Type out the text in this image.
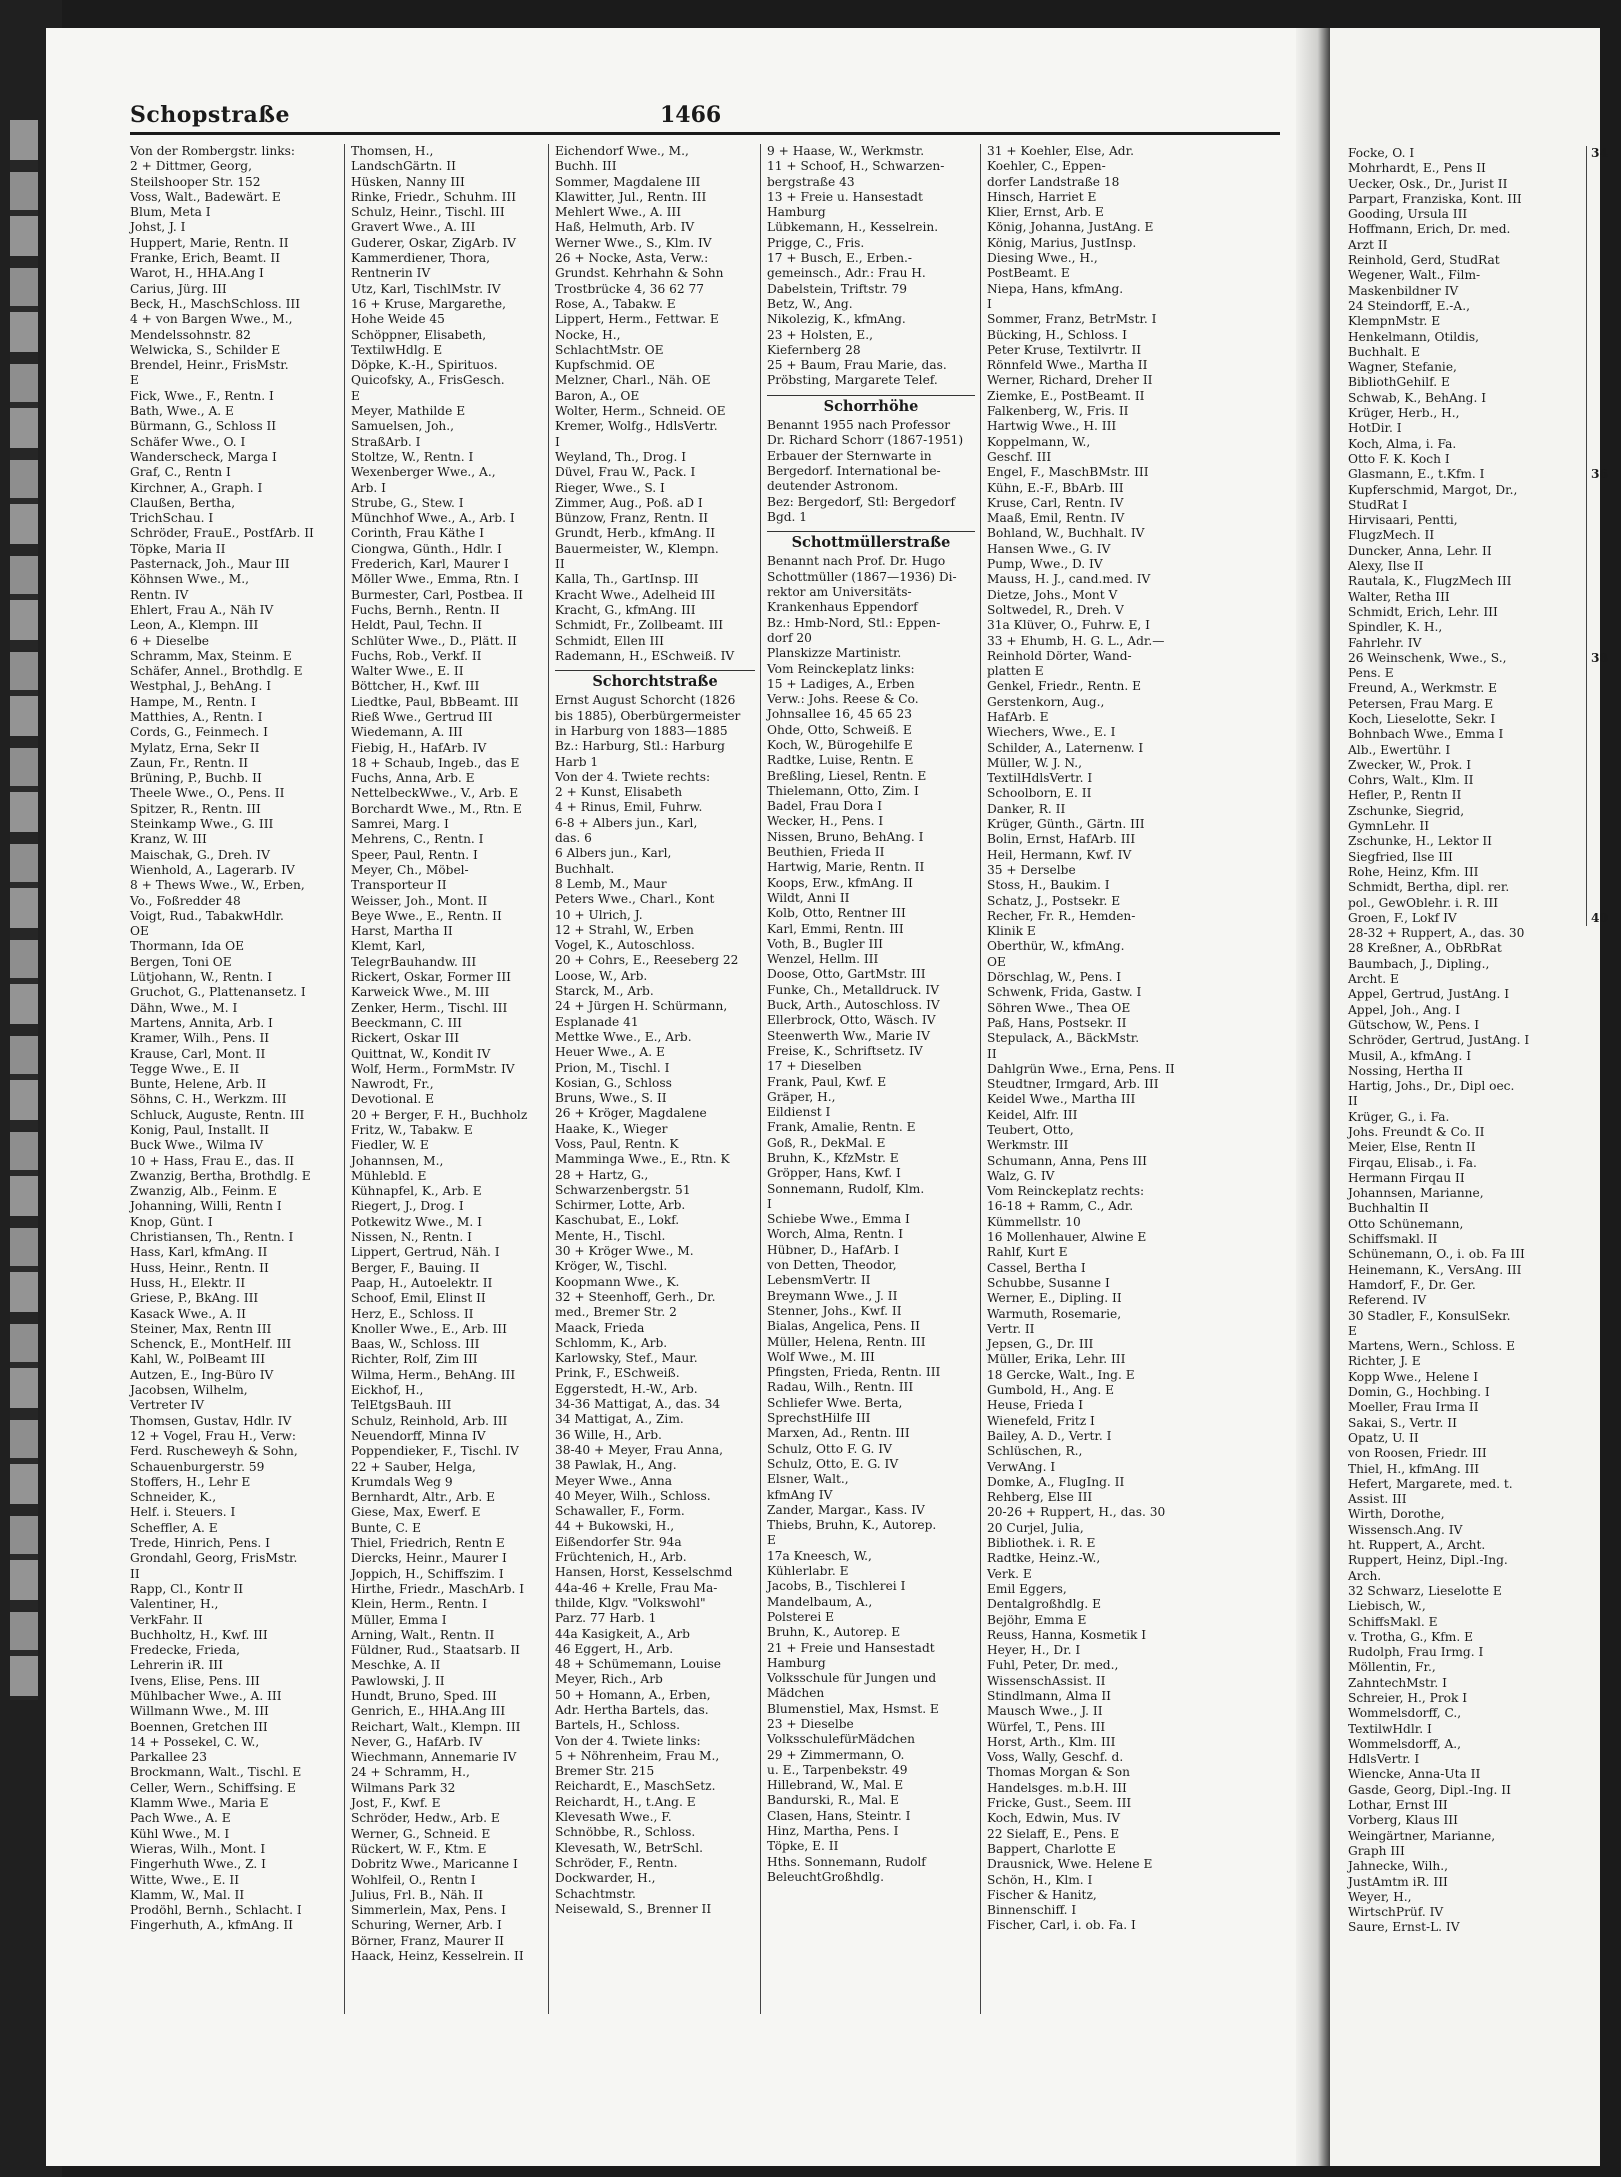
Schopstraße	1466
Von der Rombergstr. links:
2 + Dittmer, Georg,
Steilshooper Str. 152
Voss, Walt., Badewärt. E
Blum, Meta I
Johst, J. I
Huppert, Marie, Rentn. II
Franke, Erich, Beamt. II
Warot, H., HHA.Ang I
Carius, Jürg. III
Beck, H., MaschSchloss. III
4 + von Bargen Wwe., M.,
Mendelssohnstr. 82
Welwicka, S., Schilder E
Brendel, Heinr., FrisMstr.
E
Fick, Wwe., F., Rentn. I
Bath, Wwe., A. E
Bürmann, G., Schloss II
Schäfer Wwe., O. I
Wanderscheck, Marga I
Graf, C., Rentn I
Kirchner, A., Graph. I
Claußen, Bertha,
TrichSchau. I
Schröder, FrauE., PostfArb. II
Töpke, Maria II
Pasternack, Joh., Maur III
Köhnsen Wwe., M.,
Rentn. IV
Ehlert, Frau A., Näh IV
Leon, A., Klempn. III
6 + Dieselbe
Schramm, Max, Steinm. E
Schäfer, Annel., Brothdlg. E
Westphal, J., BehAng. I
Hampe, M., Rentn. I
Matthies, A., Rentn. I
Cords, G., Feinmech. I
Mylatz, Erna, Sekr II
Zaun, Fr., Rentn. II
Brüning, P., Buchb. II
Theele Wwe., O., Pens. II
Spitzer, R., Rentn. III
Steinkamp Wwe., G. III
Kranz, W. III
Maischak, G., Dreh. IV
Wienhold, A., Lagerarb. IV
8 + Thews Wwe., W., Erben,
Vo., Foßredder 48
Voigt, Rud., TabakwHdlr.
OE
Thormann, Ida OE
Bergen, Toni OE
Lütjohann, W., Rentn. I
Gruchot, G., Plattenansetz. I
Dähn, Wwe., M. I
Martens, Annita, Arb. I
Kramer, Wilh., Pens. II
Krause, Carl, Mont. II
Tegge Wwe., E. II
Bunte, Helene, Arb. II
Söhns, C. H., Werkzm. III
Schluck, Auguste, Rentn. III
Konig, Paul, Installt. II
Buck Wwe., Wilma IV
10 + Hass, Frau E., das. II
Zwanzig, Bertha, Brothdlg. E
Zwanzig, Alb., Feinm. E
Johanning, Willi, Rentn I
Knop, Günt. I
Christiansen, Th., Rentn. I
Hass, Karl, kfmAng. II
Huss, Heinr., Rentn. II
Huss, H., Elektr. II
Griese, P., BkAng. III
Kasack Wwe., A. II
Steiner, Max, Rentn III
Schenck, E., MontHelf. III
Kahl, W., PolBeamt III
Autzen, E., Ing-Büro IV
Jacobsen, Wilhelm,
Vertreter IV
Thomsen, Gustav, Hdlr. IV
12 + Vogel, Frau H., Verw:
Ferd. Ruscheweyh & Sohn,
Schauenburgerstr. 59
Stoffers, H., Lehr E
Schneider, K.,
Helf. i. Steuers. I
Scheffler, A. E
Trede, Hinrich, Pens. I
Grondahl, Georg, FrisMstr.
II
Rapp, Cl., Kontr II
Valentiner, H.,
VerkFahr. II
Buchholtz, H., Kwf. III
Fredecke, Frieda,
Lehrerin iR. III
Ivens, Elise, Pens. III
Mühlbacher Wwe., A. III
Willmann Wwe., M. III
Boennen, Gretchen III
14 + Possekel, C. W.,
Parkallee 23
Brockmann, Walt., Tischl. E
Celler, Wern., Schiffsing. E
Klamm Wwe., Maria E
Pach Wwe., A. E
Kühl Wwe., M. I
Wieras, Wilh., Mont. I
Fingerhuth Wwe., Z. I
Witte, Wwe., E. II
Klamm, W., Mal. II
Prodöhl, Bernh., Schlacht. I
Fingerhuth, A., kfmAng. II
Thomsen, H.,
LandschGärtn. II
Hüsken, Nanny III
Rinke, Friedr., Schuhm. III
Schulz, Heinr., Tischl. III
Gravert Wwe., A. III
Guderer, Oskar, ZigArb. IV
Kammerdiener, Thora,
Rentnerin IV
Utz, Karl, TischlMstr. IV
16 + Kruse, Margarethe,
Hohe Weide 45
Schöppner, Elisabeth,
TextilwHdlg. E
Döpke, K.-H., Spirituos.
Quicofsky, A., FrisGesch.
E
Meyer, Mathilde E
Samuelsen, Joh.,
StraßArb. I
Stoltze, W., Rentn. I
Wexenberger Wwe., A.,
Arb. I
Strube, G., Stew. I
Münchhof Wwe., A., Arb. I
Corinth, Frau Käthe I
Ciongwa, Günth., Hdlr. I
Frederich, Karl, Maurer I
Möller Wwe., Emma, Rtn. I
Burmester, Carl, Postbea. II
Fuchs, Bernh., Rentn. II
Heldt, Paul, Techn. II
Schlüter Wwe., D., Plätt. II
Fuchs, Rob., Verkf. II
Walter Wwe., E. II
Böttcher, H., Kwf. III
Liedtke, Paul, BbBeamt. III
Rieß Wwe., Gertrud III
Wiedemann, A. III
Fiebig, H., HafArb. IV
18 + Schaub, Ingeb., das E
Fuchs, Anna, Arb. E
NettelbeckWwe., V., Arb. E
Borchardt Wwe., M., Rtn. E
Samrei, Marg. I
Mehrens, C., Rentn. I
Speer, Paul, Rentn. I
Meyer, Ch., Möbel-
Transporteur II
Weisser, Joh., Mont. II
Beye Wwe., E., Rentn. II
Harst, Martha II
Klemt, Karl,
TelegrBauhandw. III
Rickert, Oskar, Former III
Karweick Wwe., M. III
Zenker, Herm., Tischl. III
Beeckmann, C. III
Rickert, Oskar III
Quittnat, W., Kondit IV
Wolf, Herm., FormMstr. IV
Nawrodt, Fr.,
Devotional. E
20 + Berger, F. H., Buchholz
Fritz, W., Tabakw. E
Fiedler, W. E
Johannsen, M.,
Mühlebld. E
Kühnapfel, K., Arb. E
Riegert, J., Drog. I
Potkewitz Wwe., M. I
Nissen, N., Rentn. I
Lippert, Gertrud, Näh. I
Berger, F., Bauing. II
Paap, H., Autoelektr. II
Schoof, Emil, Elinst II
Herz, E., Schloss. II
Knoller Wwe., E., Arb. III
Baas, W., Schloss. III
Richter, Rolf, Zim III
Wilma, Herm., BehAng. III
Eickhof, H.,
TelEtgsBauh. III
Schulz, Reinhold, Arb. III
Neuendorff, Minna IV
Poppendieker, F., Tischl. IV
22 + Sauber, Helga,
Krumdals Weg 9
Bernhardt, Altr., Arb. E
Giese, Max, Ewerf. E
Bunte, C. E
Thiel, Friedrich, Rentn E
Diercks, Heinr., Maurer I
Joppich, H., Schiffszim. I
Hirthe, Friedr., MaschArb. I
Klein, Herm., Rentn. I
Müller, Emma I
Arning, Walt., Rentn. II
Füldner, Rud., Staatsarb. II
Meschke, A. II
Pawlowski, J. II
Hundt, Bruno, Sped. III
Genrich, E., HHA.Ang III
Reichart, Walt., Klempn. III
Never, G., HafArb. IV
Wiechmann, Annemarie IV
24 + Schramm, H.,
Wilmans Park 32
Jost, F., Kwf. E
Schröder, Hedw., Arb. E
Werner, G., Schneid. E
Rückert, W. F., Ktm. E
Dobritz Wwe., Maricanne I
Wohlfeil, O., Rentn I
Julius, Frl. B., Näh. II
Simmerlein, Max, Pens. I
Schuring, Werner, Arb. I
Börner, Franz, Maurer II
Haack, Heinz, Kesselrein. II
Eichendorf Wwe., M.,
Buchh. III
Sommer, Magdalene III
Klawitter, Jul., Rentn. III
Mehlert Wwe., A. III
Haß, Helmuth, Arb. IV
Werner Wwe., S., Klm. IV
26 + Nocke, Asta, Verw.:
Grundst. Kehrhahn & Sohn
Trostbrücke 4, 36 62 77
Rose, A., Tabakw. E
Lippert, Herm., Fettwar. E
Nocke, H.,
SchlachtMstr. OE
Kupfschmid. OE
Melzner, Charl., Näh. OE
Baron, A., OE
Wolter, Herm., Schneid. OE
Kremer, Wolfg., HdlsVertr.
I
Weyland, Th., Drog. I
Düvel, Frau W., Pack. I
Rieger, Wwe., S. I
Zimmer, Aug., Poß. aD I
Bünzow, Franz, Rentn. II
Grundt, Herb., kfmAng. II
Bauermeister, W., Klempn.
II
Kalla, Th., GartInsp. III
Kracht Wwe., Adelheid III
Kracht, G., kfmAng. III
Schmidt, Fr., Zollbeamt. III
Schmidt, Ellen III
Rademann, H., ESchweiß. IV
Schorchtstraße
Ernst August Schorcht (1826
bis 1885), Oberbürgermeister
in Harburg von 1883—1885
Bz.: Harburg, Stl.: Harburg
Harb 1
Von der 4. Twiete rechts:
2 + Kunst, Elisabeth
4 + Rinus, Emil, Fuhrw.
6-8 + Albers jun., Karl,
das. 6
6 Albers jun., Karl,
Buchhalt.
8 Lemb, M., Maur
Peters Wwe., Charl., Kont
10 + Ulrich, J.
12 + Strahl, W., Erben
Vogel, K., Autoschloss.
20 + Cohrs, E., Reeseberg 22
Loose, W., Arb.
Starck, M., Arb.
24 + Jürgen H. Schürmann,
Esplanade 41
Mettke Wwe., E., Arb.
Heuer Wwe., A. E
Prion, M., Tischl. I
Kosian, G., Schloss
Bruns, Wwe., S. II
26 + Kröger, Magdalene
Haake, K., Wieger
Voss, Paul, Rentn. K
Mamminga Wwe., E., Rtn. K
28 + Hartz, G.,
Schwarzenbergstr. 51
Schirmer, Lotte, Arb.
Kaschubat, E., Lokf.
Mente, H., Tischl.
30 + Kröger Wwe., M.
Kröger, W., Tischl.
Koopmann Wwe., K.
32 + Steenhoff, Gerh., Dr.
med., Bremer Str. 2
Maack, Frieda
Schlomm, K., Arb.
Karlowsky, Stef., Maur.
Prink, F., ESchweiß.
Eggerstedt, H.-W., Arb.
34-36 Mattigat, A., das. 34
34 Mattigat, A., Zim.
36 Wille, H., Arb.
38-40 + Meyer, Frau Anna,
38 Pawlak, H., Ang.
Meyer Wwe., Anna
40 Meyer, Wilh., Schloss.
Schawaller, F., Form.
44 + Bukowski, H.,
Eißendorfer Str. 94a
Früchtenich, H., Arb.
Hansen, Horst, Kesselschmd
44a-46 + Krelle, Frau Ma-
thilde, Klgv. "Volkswohl"
Parz. 77 Harb. 1
44a Kasigkeit, A., Arb
46 Eggert, H., Arb.
48 + Schümemann, Louise
Meyer, Rich., Arb
50 + Homann, A., Erben,
Adr. Hertha Bartels, das.
Bartels, H., Schloss.
Von der 4. Twiete links:
5 + Nöhrenheim, Frau M.,
Bremer Str. 215
Reichardt, E., MaschSetz.
Reichardt, H., t.Ang. E
Klevesath Wwe., F.
Schnöbbe, R., Schloss.
Klevesath, W., BetrSchl.
Schröder, F., Rentn.
Dockwarder, H.,
Schachtmstr.
Neisewald, S., Brenner II
9 + Haase, W., Werkmstr.
11 + Schoof, H., Schwarzen-
bergstraße 43
13 + Freie u. Hansestadt
Hamburg
Lübkemann, H., Kesselrein.
Prigge, C., Fris.
17 + Busch, E., Erben.-
gemeinsch., Adr.: Frau H.
Dabelstein, Triftstr. 79
Betz, W., Ang.
Nikolezig, K., kfmAng.
23 + Holsten, E.,
Kiefernberg 28
25 + Baum, Frau Marie, das.
Pröbsting, Margarete Telef.
Schorrhöhe
Benannt 1955 nach Professor
Dr. Richard Schorr (1867-1951)
Erbauer der Sternwarte in
Bergedorf. International be-
deutender Astronom.
Bez: Bergedorf, Stl: Bergedorf
Bgd. 1
Schottmüllerstraße
Benannt nach Prof. Dr. Hugo
Schottmüller (1867—1936) Di-
rektor am Universitäts-
Krankenhaus Eppendorf
Bz.: Hmb-Nord, Stl.: Eppen-
dorf 20
Planskizze Martinistr.
Vom Reinckeplatz links:
15 + Ladiges, A., Erben
Verw.: Johs. Reese & Co.
Johnsallee 16, 45 65 23
Ohde, Otto, Schweiß. E
Koch, W., Bürogehilfe E
Radtke, Luise, Rentn. E
Breßling, Liesel, Rentn. E
Thielemann, Otto, Zim. I
Badel, Frau Dora I
Wecker, H., Pens. I
Nissen, Bruno, BehAng. I
Beuthien, Frieda II
Hartwig, Marie, Rentn. II
Koops, Erw., kfmAng. II
Wildt, Anni II
Kolb, Otto, Rentner III
Karl, Emmi, Rentn. III
Voth, B., Bugler III
Wenzel, Hellm. III
Doose, Otto, GartMstr. III
Funke, Ch., Metalldruck. IV
Buck, Arth., Autoschloss. IV
Ellerbrock, Otto, Wäsch. IV
Steenwerth Ww., Marie IV
Freise, K., Schriftsetz. IV
17 + Dieselben
Frank, Paul, Kwf. E
Gräper, H.,
Eildienst I
Frank, Amalie, Rentn. E
Goß, R., DekMal. E
Bruhn, K., KfzMstr. E
Gröpper, Hans, Kwf. I
Sonnemann, Rudolf, Klm.
I
Schiebe Wwe., Emma I
Worch, Alma, Rentn. I
Hübner, D., HafArb. I
von Detten, Theodor,
LebensmVertr. II
Breymann Wwe., J. II
Stenner, Johs., Kwf. II
Bialas, Angelica, Pens. II
Müller, Helena, Rentn. III
Wolf Wwe., M. III
Pfingsten, Frieda, Rentn. III
Radau, Wilh., Rentn. III
Schliefer Wwe. Berta,
SprechstHilfe III
Marxen, Ad., Rentn. III
Schulz, Otto F. G. IV
Schulz, Otto, E. G. IV
Elsner, Walt.,
kfmAng IV
Zander, Margar., Kass. IV
Thiebs, Bruhn, K., Autorep.
E
17a Kneesch, W.,
Kühlerlabr. E
Jacobs, B., Tischlerei I
Mandelbaum, A.,
Polsterei E
Bruhn, K., Autorep. E
21 + Freie und Hansestadt
Hamburg
Volksschule für Jungen und
Mädchen
Blumenstiel, Max, Hsmst. E
23 + Dieselbe
VolksschulefürMädchen
29 + Zimmermann, O.
u. E., Tarpenbekstr. 49
Hillebrand, W., Mal. E
Bandurski, R., Mal. E
Clasen, Hans, Steintr. I
Hinz, Martha, Pens. I
Töpke, E. II
Hths. Sonnemann, Rudolf
BeleuchtGroßhdlg.
31 + Koehler, Else, Adr.
Koehler, C., Eppen-
dorfer Landstraße 18
Hinsch, Harriet E
Klier, Ernst, Arb. E
König, Johanna, JustAng. E
König, Marius, JustInsp.
Diesing Wwe., H.,
PostBeamt. E
Niepa, Hans, kfmAng.
I
Sommer, Franz, BetrMstr. I
Bücking, H., Schloss. I
Peter Kruse, Textilvrtr. II
Rönnfeld Wwe., Martha II
Werner, Richard, Dreher II
Ziemke, E., PostBeamt. II
Falkenberg, W., Fris. II
Hartwig Wwe., H. III
Koppelmann, W.,
Geschf. III
Engel, F., MaschBMstr. III
Kühn, E.-F., BbArb. III
Kruse, Carl, Rentn. IV
Maaß, Emil, Rentn. IV
Bohland, W., Buchhalt. IV
Hansen Wwe., G. IV
Pump, Wwe., D. IV
Mauss, H. J., cand.med. IV
Dietze, Johs., Mont V
Soltwedel, R., Dreh. V
31a Klüver, O., Fuhrw. E, I
33 + Ehumb, H. G. L., Adr.—
Reinhold Dörter, Wand-
platten E
Genkel, Friedr., Rentn. E
Gerstenkorn, Aug.,
HafArb. E
Wiechers, Wwe., E. I
Schilder, A., Laternenw. I
Müller, W. J. N.,
TextilHdlsVertr. I
Schoolborn, E. II
Danker, R. II
Krüger, Günth., Gärtn. III
Bolin, Ernst, HafArb. III
Heil, Hermann, Kwf. IV
35 + Derselbe
Stoss, H., Baukim. I
Schatz, J., Postsekr. E
Recher, Fr. R., Hemden-
Klinik E
Oberthür, W., kfmAng.
OE
Dörschlag, W., Pens. I
Schwenk, Frida, Gastw. I
Söhren Wwe., Thea OE
Paß, Hans, Postsekr. II
Stepulack, A., BäckMstr.
II
Dahlgrün Wwe., Erna, Pens. II
Steudtner, Irmgard, Arb. III
Keidel Wwe., Martha III
Keidel, Alfr. III
Teubert, Otto,
Werkmstr. III
Schumann, Anna, Pens III
Walz, G. IV
Vom Reinckeplatz rechts:
16-18 + Ramm, C., Adr.
Kümmellstr. 10
16 Mollenhauer, Alwine E
Rahlf, Kurt E
Cassel, Bertha I
Schubbe, Susanne I
Werner, E., Dipling. II
Warmuth, Rosemarie,
Vertr. II
Jepsen, G., Dr. III
Müller, Erika, Lehr. III
18 Gercke, Walt., Ing. E
Gumbold, H., Ang. E
Heuse, Frieda I
Wienefeld, Fritz I
Bailey, A. D., Vertr. I
Schlüschen, R.,
VerwAng. I
Domke, A., FlugIng. II
Rehberg, Else III
20-26 + Ruppert, H., das. 30
20 Curjel, Julia,
Bibliothek. i. R. E
Radtke, Heinz.-W.,
Verk. E
Emil Eggers,
Dentalgroßhdlg. E
Bejöhr, Emma E
Reuss, Hanna, Kosmetik I
Heyer, H., Dr. I
Fuhl, Peter, Dr. med.,
WissenschAssist. II
Stindlmann, Alma II
Mausch Wwe., J. II
Würfel, T., Pens. III
Horst, Arth., Klm. III
Voss, Wally, Geschf. d.
Thomas Morgan & Son
Handelsges. m.b.H. III
Fricke, Gust., Seem. III
Koch, Edwin, Mus. IV
22 Sielaff, E., Pens. E
Bappert, Charlotte E
Drausnick, Wwe. Helene E
Schön, H., Klm. I
Fischer & Hanitz,
Binnenschiff. I
Fischer, Carl, i. ob. Fa. I
Focke, O. I
Mohrhardt, E., Pens II
Uecker, Osk., Dr., Jurist II
Parpart, Franziska, Kont. III
Gooding, Ursula III
Hoffmann, Erich, Dr. med.
Arzt II
Reinhold, Gerd, StudRat
Wegener, Walt., Film-
Maskenbildner IV
24 Steindorff, E.-A.,
KlempnMstr. E
Henkelmann, Otildis,
Buchhalt. E
Wagner, Stefanie,
BibliothGehilf. E
Schwab, K., BehAng. I
Krüger, Herb., H.,
HotDir. I
Koch, Alma, i. Fa.
Otto F. K. Koch I
Glasmann, E., t.Kfm. I
Kupferschmid, Margot, Dr.,
StudRat I
Hirvisaari, Pentti,
FlugzMech. II
Duncker, Anna, Lehr. II
Alexy, Ilse II
Rautala, K., FlugzMech III
Walter, Retha III
Schmidt, Erich, Lehr. III
Spindler, K. H.,
Fahrlehr. IV
26 Weinschenk, Wwe., S.,
Pens. E
Freund, A., Werkmstr. E
Petersen, Frau Marg. E
Koch, Lieselotte, Sekr. I
Bohnbach Wwe., Emma I
Alb., Ewertühr. I
Zwecker, W., Prok. I
Cohrs, Walt., Klm. II
Hefler, P., Rentn II
Zschunke, Siegrid,
GymnLehr. II
Zschunke, H., Lektor II
Siegfried, Ilse III
Rohe, Heinz, Kfm. III
Schmidt, Bertha, dipl. rer.
pol., GewOblehr. i. R. III
Groen, F., Lokf IV
28-32 + Ruppert, A., das. 30
28 Kreßner, A., ObRbRat
Baumbach, J., Dipling.,
Archt. E
Appel, Gertrud, JustAng. I
Appel, Joh., Ang. I
Gütschow, W., Pens. I
Schröder, Gertrud, JustAng. I
Musil, A., kfmAng. I
Nossing, Hertha II
Hartig, Johs., Dr., Dipl oec.
II
Krüger, G., i. Fa.
Johs. Freundt & Co. II
Meier, Else, Rentn II
Firqau, Elisab., i. Fa.
Hermann Firqau II
Johannsen, Marianne,
Buchhaltin II
Otto Schünemann,
Schiffsmakl. II
Schünemann, O., i. ob. Fa III
Heinemann, K., VersAng. III
Hamdorf, F., Dr. Ger.
Referend. IV
30 Stadler, F., KonsulSekr.
E
Martens, Wern., Schloss. E
Richter, J. E
Kopp Wwe., Helene I
Domin, G., Hochbing. I
Moeller, Frau Irma II
Sakai, S., Vertr. II
Opatz, U. II
von Roosen, Friedr. III
Thiel, H., kfmAng. III
Hefert, Margarete, med. t.
Assist. III
Wirth, Dorothe,
Wissensch.Ang. IV
ht. Ruppert, A., Archt.
Ruppert, Heinz, Dipl.-Ing.
Arch.
32 Schwarz, Lieselotte E
Liebisch, W.,
SchiffsMakl. E
v. Trotha, G., Kfm. E
Rudolph, Frau Irmg. I
Möllentin, Fr.,
ZahntechMstr. I
Schreier, H., Prok I
Wommelsdorff, C.,
TextilwHdlr. I
Wommelsdorff, A.,
HdlsVertr. I
Wiencke, Anna-Uta II
Gasde, Georg, Dipl.-Ing. II
Lothar, Ernst III
Vorberg, Klaus III
Weingärtner, Marianne,
Graph III
Jahnecke, Wilh.,
JustAmtm iR. III
Weyer, H.,
WirtschPrüf. IV
Saure, Ernst-L. IV
34
36
38
40
